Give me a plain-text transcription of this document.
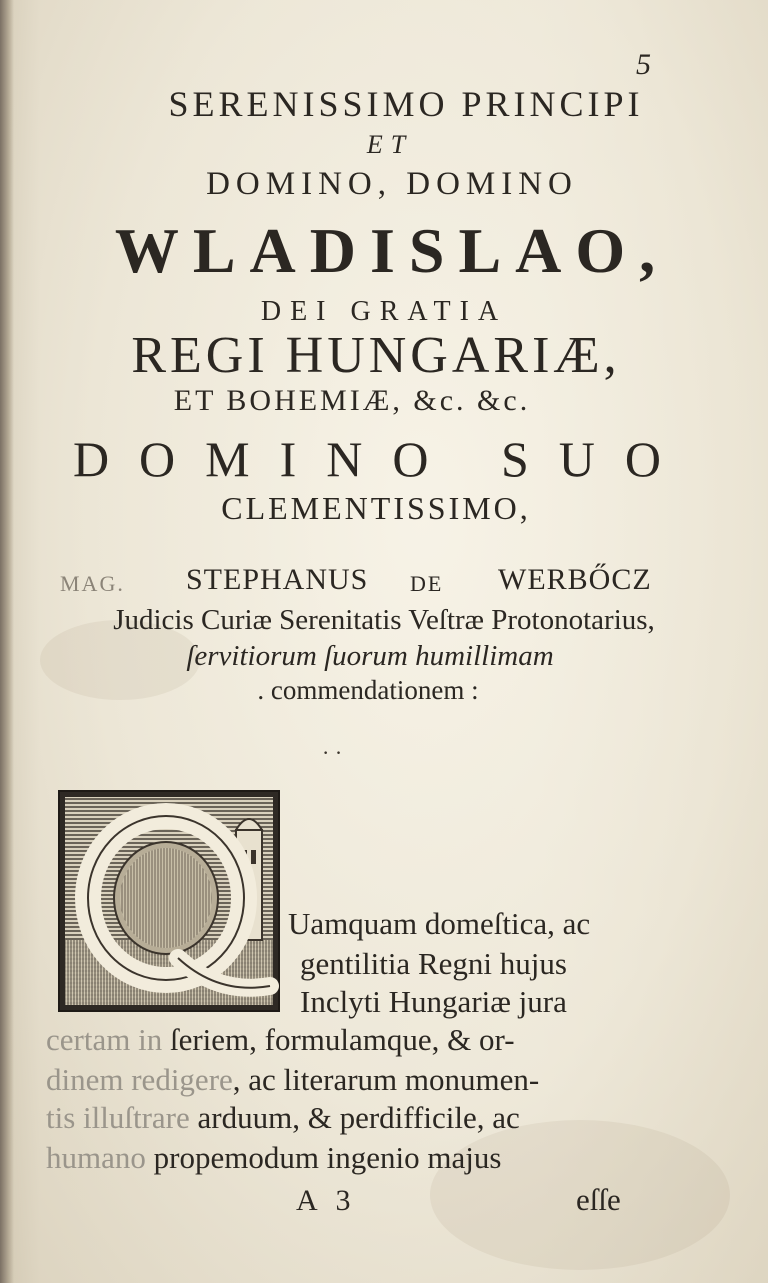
5
SERENISSIMO PRINCIPI
ET
DOMINO, DOMINO
WLADISLAO,
DEI GRATIA
REGI HUNGARIÆ,
ET BOHEMIÆ, &c. &c.
DOMINO SUO
CLEMENTISSIMO,
MAG. STEPHANUS DE WERBŐCZ
Judicis Curiæ Serenitatis Veſtræ Protonotarius,
ſervitiorum ſuorum humillimam
. commendationem :
· ·
Uamquam domeſtica, ac
gentilitia Regni hujus
Inclyti Hungariæ jura
certam in ſeriem, formulamque, & or-
dinem redigere, ac literarum monumen-
tis illuſtrare arduum, & perdifficile, ac
humano propemodum ingenio majus
A 3	eſſe
